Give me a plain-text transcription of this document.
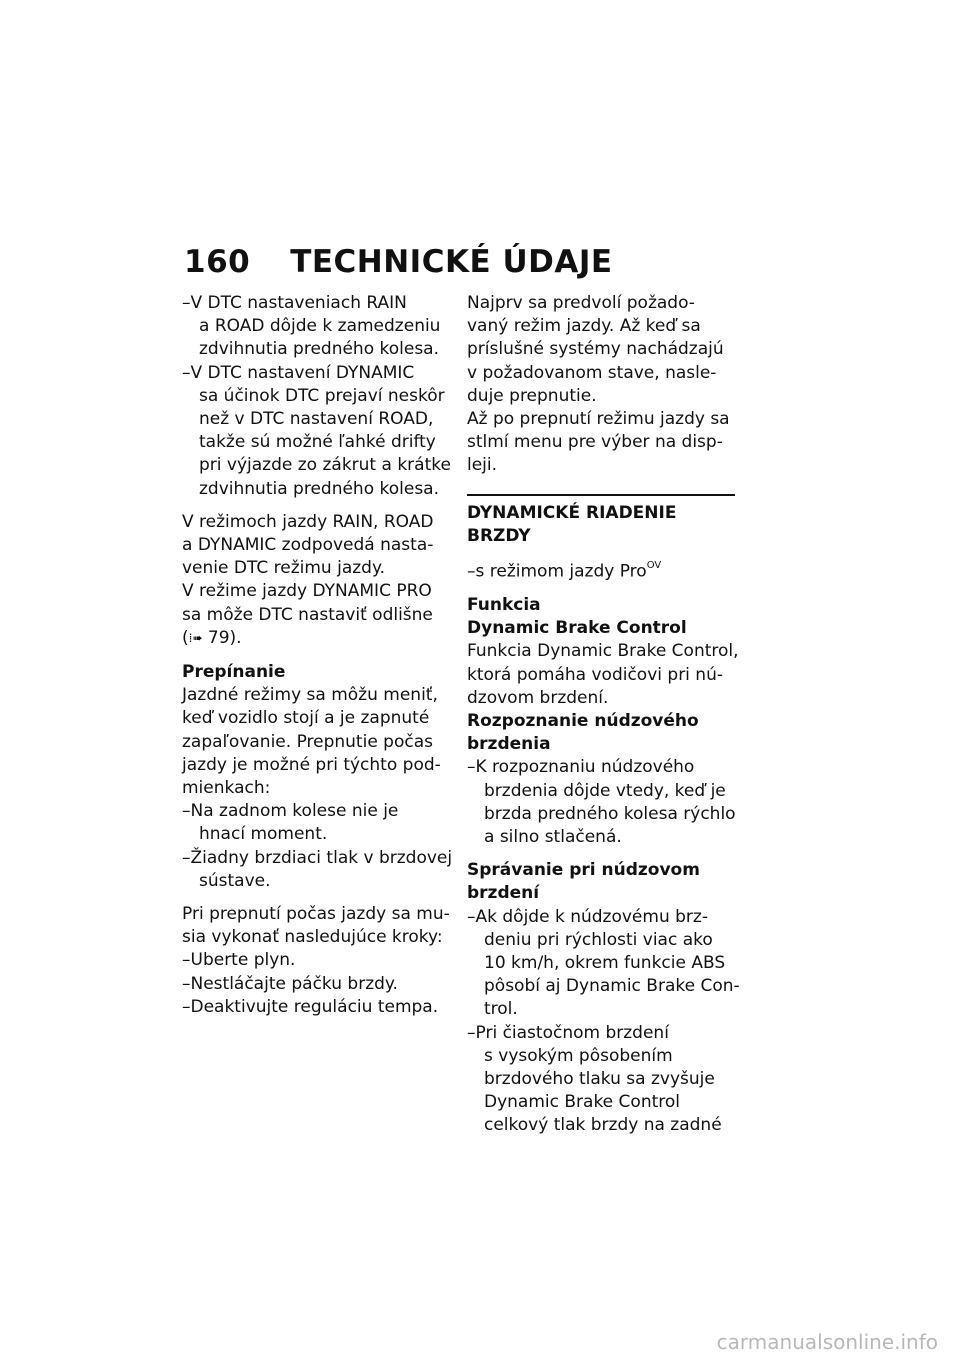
160 TECHNICKÉ ÚDAJE
–V DTC nastaveniach RAIN
a ROAD dôjde k zamedzeniu
zdvihnutia predného kolesa.
–V DTC nastavení DYNAMIC
sa účinok DTC prejaví neskôr
než v DTC nastavení ROAD,
takže sú možné ľahké drifty
pri výjazde zo zákrut a krátke
zdvihnutia predného kolesa.
V režimoch jazdy RAIN, ROAD
a DYNAMIC zodpovedá nasta-
venie DTC režimu jazdy.
V režime jazdy DYNAMIC PRO
sa môže DTC nastaviť odlišne
(⁞➠ 79).
Prepínanie
Jazdné režimy sa môžu meniť,
keď vozidlo stojí a je zapnuté
zapaľovanie. Prepnutie počas
jazdy je možné pri týchto pod-
mienkach:
–Na zadnom kolese nie je
hnací moment.
–Žiadny brzdiaci tlak v brzdovej
sústave.
Pri prepnutí počas jazdy sa mu-
sia vykonať nasledujúce kroky:
–Uberte plyn.
–Nestláčajte páčku brzdy.
–Deaktivujte reguláciu tempa.
Najprv sa predvolí požado-
vaný režim jazdy. Až keď sa
príslušné systémy nachádzajú
v požadovanom stave, nasle-
duje prepnutie.
Až po prepnutí režimu jazdy sa
stlmí menu pre výber na disp-
leji.
DYNAMICKÉ RIADENIE
BRZDY
–s režimom jazdy Pro$^{OV}$
Funkcia
Dynamic Brake Control
Funkcia Dynamic Brake Control,
ktorá pomáha vodičovi pri nú-
dzovom brzdení.
Rozpoznanie núdzového
brzdenia
–K rozpoznaniu núdzového
brzdenia dôjde vtedy, keď je
brzda predného kolesa rýchlo
a silno stlačená.
Správanie pri núdzovom
brzdení
–Ak dôjde k núdzovému brz-
deniu pri rýchlosti viac ako
10 km/h, okrem funkcie ABS
pôsobí aj Dynamic Brake Con-
trol.
–Pri čiastočnom brzdení
s vysokým pôsobením
brzdového tlaku sa zvyšuje
Dynamic Brake Control
celkový tlak brzdy na zadné
carmanualsonline.info
